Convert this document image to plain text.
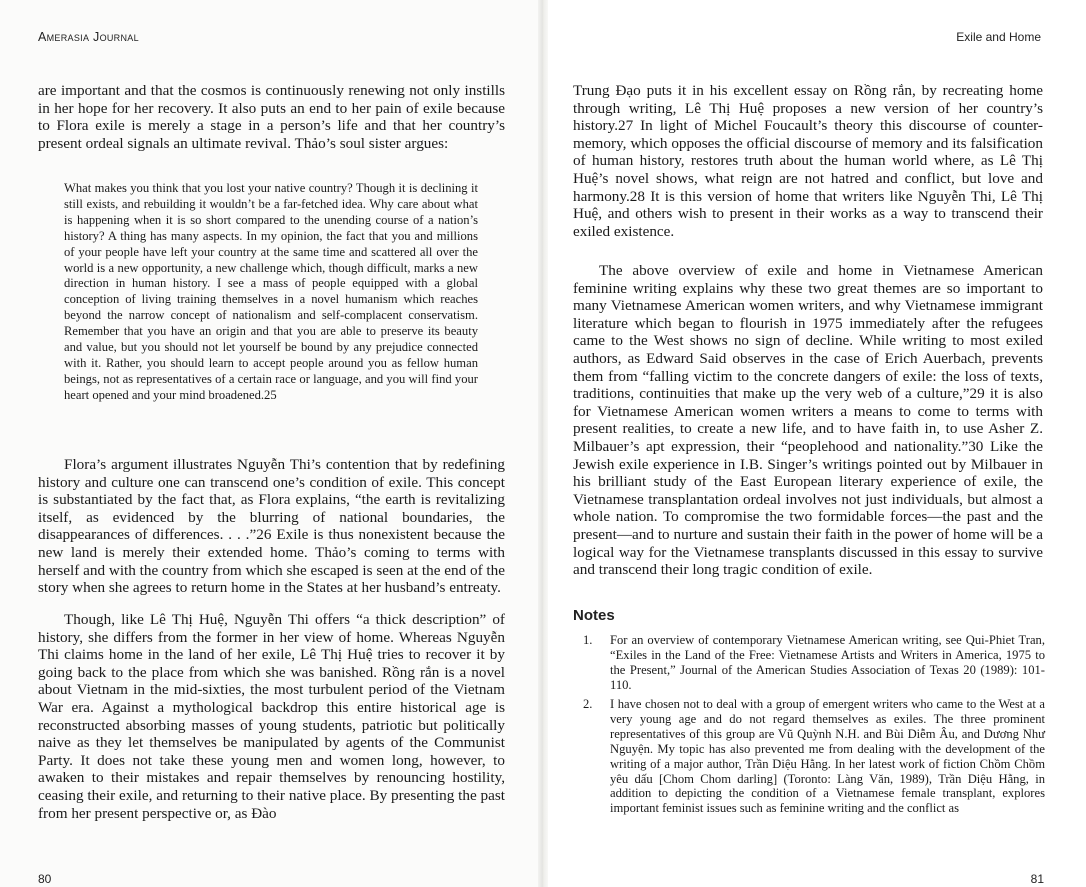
Amerasia Journal

are important and that the cosmos is continuously renewing not only instills in her hope for her recovery. It also puts an end to her pain of exile because to Flora exile is merely a stage in a person’s life and that her country’s present ordeal signals an ultimate revival. Thảo’s soul sister argues:

What makes you think that you lost your native country? Though it is declining it still exists, and rebuilding it wouldn’t be a far-fetched idea. Why care about what is happening when it is so short compared to the unending course of a nation’s history? A thing has many aspects. In my opinion, the fact that you and millions of your people have left your country at the same time and scattered all over the world is a new opportunity, a new challenge which, though difficult, marks a new direction in human history. I see a mass of people equipped with a global conception of living training themselves in a novel humanism which reaches beyond the narrow concept of nationalism and self-complacent conservatism. Remember that you have an origin and that you are able to preserve its beauty and value, but you should not let yourself be bound by any prejudice connected with it. Rather, you should learn to accept people around you as fellow human beings, not as representatives of a certain race or language, and you will find your heart opened and your mind broadened.25

Flora’s argument illustrates Nguyễn Thi’s contention that by redefining history and culture one can transcend one’s condition of exile. This concept is substantiated by the fact that, as Flora explains, “the earth is revitalizing itself, as evidenced by the blurring of national boundaries, the disappearances of differences. . . .”26 Exile is thus nonexistent because the new land is merely their extended home. Thảo’s coming to terms with herself and with the country from which she escaped is seen at the end of the story when she agrees to return home in the States at her husband’s entreaty.

Though, like Lê Thị Huệ, Nguyễn Thi offers “a thick description” of history, she differs from the former in her view of home. Whereas Nguyễn Thi claims home in the land of her exile, Lê Thị Huệ tries to recover it by going back to the place from which she was banished. Rồng rắn is a novel about Vietnam in the mid-sixties, the most turbulent period of the Vietnam War era. Against a mythological backdrop this entire historical age is reconstructed absorbing masses of young students, patriotic but politically naive as they let themselves be manipulated by agents of the Communist Party. It does not take these young men and women long, however, to awaken to their mistakes and repair themselves by renouncing hostility, ceasing their exile, and returning to their native place. By presenting the past from her present perspective or, as Đào

80
Exile and Home

Trung Đạo puts it in his excellent essay on Rồng rắn, by recreating home through writing, Lê Thị Huệ proposes a new version of her country’s history.27 In light of Michel Foucault’s theory this discourse of counter-memory, which opposes the official discourse of memory and its falsification of human history, restores truth about the human world where, as Lê Thị Huệ’s novel shows, what reign are not hatred and conflict, but love and harmony.28 It is this version of home that writers like Nguyễn Thi, Lê Thị Huệ, and others wish to present in their works as a way to transcend their exiled existence.

The above overview of exile and home in Vietnamese American feminine writing explains why these two great themes are so important to many Vietnamese American women writers, and why Vietnamese immigrant literature which began to flourish in 1975 immediately after the refugees came to the West shows no sign of decline. While writing to most exiled authors, as Edward Said observes in the case of Erich Auerbach, prevents them from “falling victim to the concrete dangers of exile: the loss of texts, traditions, continuities that make up the very web of a culture,”29 it is also for Vietnamese American women writers a means to come to terms with present realities, to create a new life, and to have faith in, to use Asher Z. Milbauer’s apt expression, their “peoplehood and nationality.”30 Like the Jewish exile experience in I.B. Singer’s writings pointed out by Milbauer in his brilliant study of the East European literary experience of exile, the Vietnamese transplantation ordeal involves not just individuals, but almost a whole nation. To compromise the two formidable forces—the past and the present—and to nurture and sustain their faith in the power of home will be a logical way for the Vietnamese transplants discussed in this essay to survive and transcend their long tragic condition of exile.

Notes
1.	For an overview of contemporary Vietnamese American writing, see Qui-Phiet Tran, “Exiles in the Land of the Free: Vietnamese Artists and Writers in America, 1975 to the Present,” Journal of the American Studies Association of Texas 20 (1989): 101-110.
2.	I have chosen not to deal with a group of emergent writers who came to the West at a very young age and do not regard themselves as exiles. The three prominent representatives of this group are Vũ Quỳnh N.H. and Bùi Diễm Âu, and Dương Như Nguyện. My topic has also prevented me from dealing with the development of the writing of a major author, Trần Diệu Hằng. In her latest work of fiction Chồm Chồm yêu dấu [Chom Chom darling] (Toronto: Làng Văn, 1989), Trần Diệu Hằng, in addition to depicting the condition of a Vietnamese female transplant, explores important feminist issues such as feminine writing and the conflict as
81
